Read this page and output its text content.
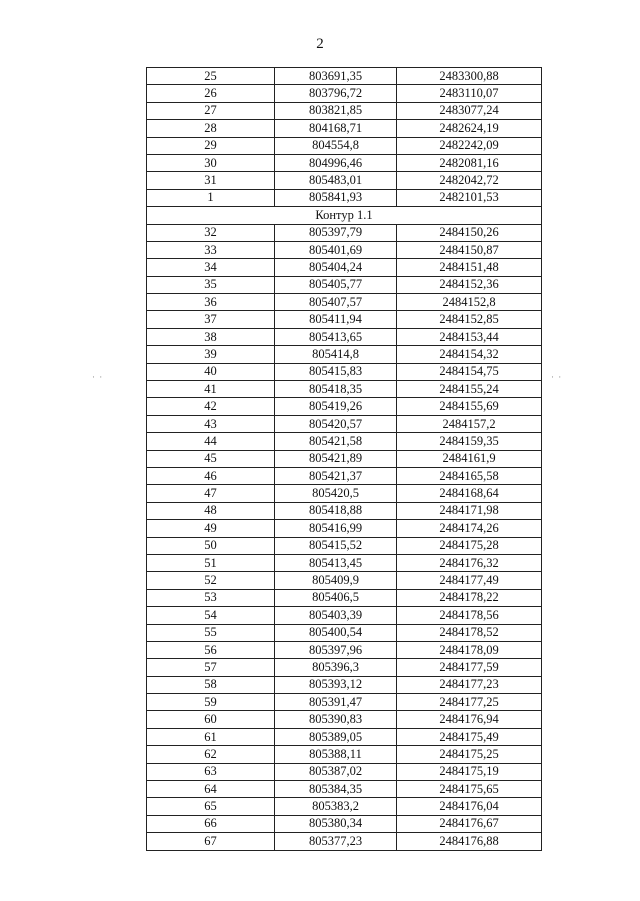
2
· ·	· ·
25	803691,35	2483300,88
26	803796,72	2483110,07
27	803821,85	2483077,24
28	804168,71	2482624,19
29	804554,8	2482242,09
30	804996,46	2482081,16
31	805483,01	2482042,72
1	805841,93	2482101,53
Контур 1.1		
32	805397,79	2484150,26
33	805401,69	2484150,87
34	805404,24	2484151,48
35	805405,77	2484152,36
36	805407,57	2484152,8
37	805411,94	2484152,85
38	805413,65	2484153,44
39	805414,8	2484154,32
40	805415,83	2484154,75
41	805418,35	2484155,24
42	805419,26	2484155,69
43	805420,57	2484157,2
44	805421,58	2484159,35
45	805421,89	2484161,9
46	805421,37	2484165,58
47	805420,5	2484168,64
48	805418,88	2484171,98
49	805416,99	2484174,26
50	805415,52	2484175,28
51	805413,45	2484176,32
52	805409,9	2484177,49
53	805406,5	2484178,22
54	805403,39	2484178,56
55	805400,54	2484178,52
56	805397,96	2484178,09
57	805396,3	2484177,59
58	805393,12	2484177,23
59	805391,47	2484177,25
60	805390,83	2484176,94
61	805389,05	2484175,49
62	805388,11	2484175,25
63	805387,02	2484175,19
64	805384,35	2484175,65
65	805383,2	2484176,04
66	805380,34	2484176,67
67	805377,23	2484176,88
